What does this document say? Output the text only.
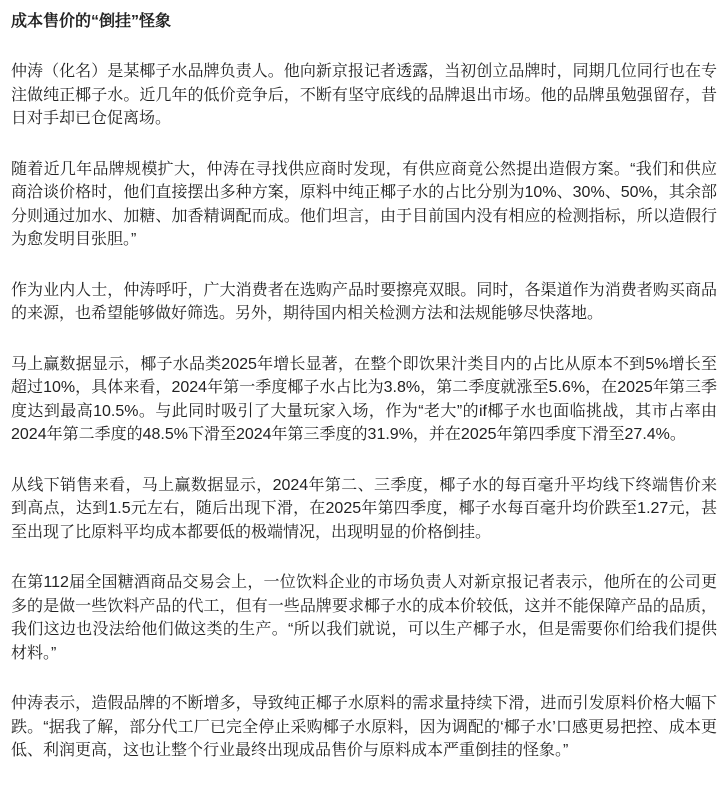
成本售价的“倒挂”怪象

仲涛（化名）是某椰子水品牌负责人。他向新京报记者透露，当初创立品牌时，同期几位同行也在专注做纯正椰子水。近几年的低价竞争后，不断有坚守底线的品牌退出市场。他的品牌虽勉强留存，昔日对手却已仓促离场。

随着近几年品牌规模扩大，仲涛在寻找供应商时发现，有供应商竟公然提出造假方案。“我们和供应商洽谈价格时，他们直接摆出多种方案，原料中纯正椰子水的占比分别为10%、30%、50%，其余部分则通过加水、加糖、加香精调配而成。他们坦言，由于目前国内没有相应的检测指标，所以造假行为愈发明目张胆。”

作为业内人士，仲涛呼吁，广大消费者在选购产品时要擦亮双眼。同时，各渠道作为消费者购买商品的来源，也希望能够做好筛选。另外，期待国内相关检测方法和法规能够尽快落地。

马上赢数据显示，椰子水品类2025年增长显著，在整个即饮果汁类目内的占比从原本不到5%增长至超过10%，具体来看，2024年第一季度椰子水占比为3.8%，第二季度就涨至5.6%，在2025年第三季度达到最高10.5%。与此同时吸引了大量玩家入场，作为“老大”的if椰子水也面临挑战，其市占率由2024年第二季度的48.5%下滑至2024年第三季度的31.9%，并在2025年第四季度下滑至27.4%。

从线下销售来看，马上赢数据显示，2024年第二、三季度，椰子水的每百毫升平均线下终端售价来到高点，达到1.5元左右，随后出现下滑，在2025年第四季度，椰子水每百毫升均价跌至1.27元，甚至出现了比原料平均成本都要低的极端情况，出现明显的价格倒挂。

在第112届全国糖酒商品交易会上，一位饮料企业的市场负责人对新京报记者表示，他所在的公司更多的是做一些饮料产品的代工，但有一些品牌要求椰子水的成本价较低，这并不能保障产品的品质，我们这边也没法给他们做这类的生产。“所以我们就说，可以生产椰子水，但是需要你们给我们提供材料。”

仲涛表示，造假品牌的不断增多，导致纯正椰子水原料的需求量持续下滑，进而引发原料价格大幅下跌。“据我了解，部分代工厂已完全停止采购椰子水原料，因为调配的‘椰子水’口感更易把控、成本更低、利润更高，这也让整个行业最终出现成品售价与原料成本严重倒挂的怪象。”
